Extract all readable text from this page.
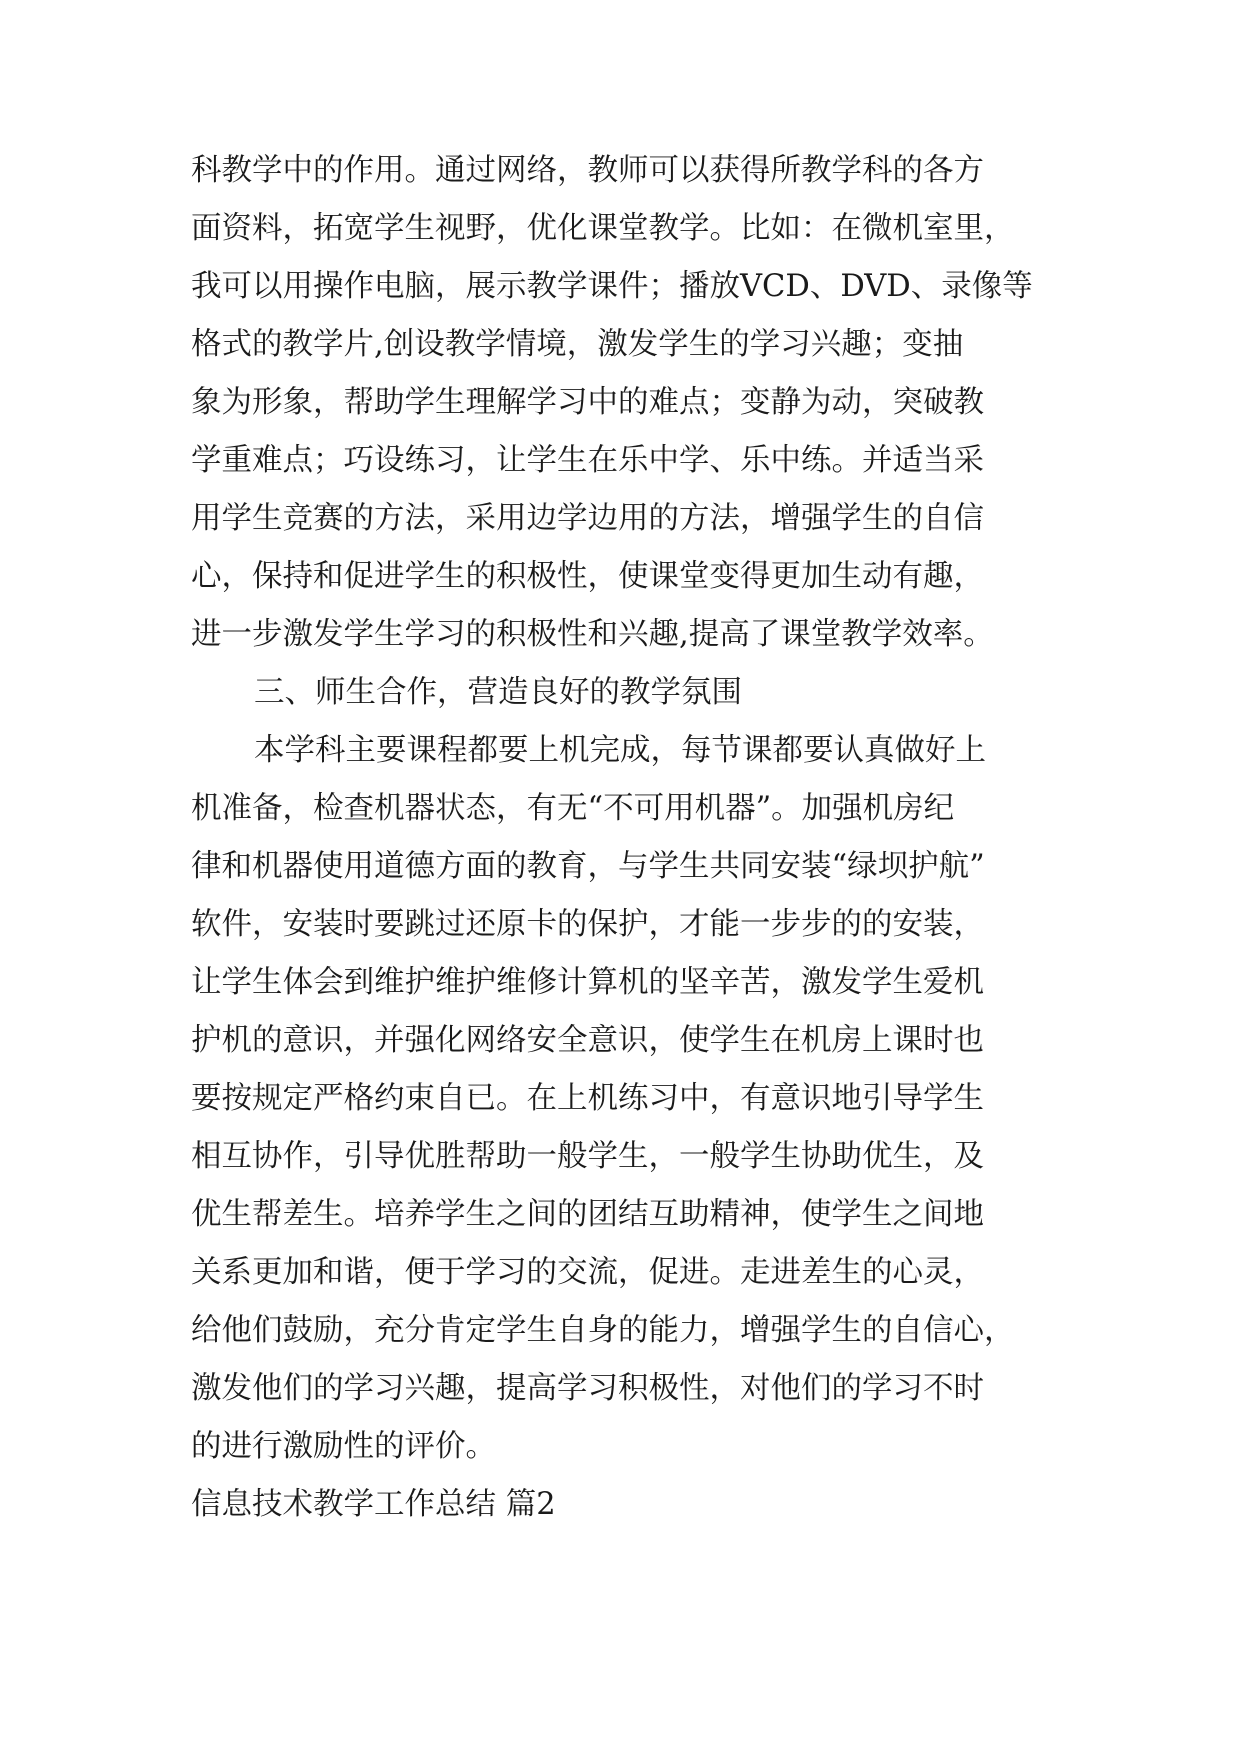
科教学中的作用。通过网络，教师可以获得所教学科的各方

面资料，拓宽学生视野，优化课堂教学。比如：在微机室里，

我可以用操作电脑，展示教学课件；播放VCD、DVD、录像等

格式的教学片,创设教学情境，激发学生的学习兴趣；变抽

象为形象，帮助学生理解学习中的难点；变静为动，突破教

学重难点；巧设练习，让学生在乐中学、乐中练。并适当采

用学生竞赛的方法，采用边学边用的方法，增强学生的自信

心，保持和促进学生的积极性，使课堂变得更加生动有趣，

进一步激发学生学习的积极性和兴趣,提高了课堂教学效率。

三、师生合作，营造良好的教学氛围

本学科主要课程都要上机完成，每节课都要认真做好上

机准备，检查机器状态，有无“不可用机器”。加强机房纪

律和机器使用道德方面的教育，与学生共同安装“绿坝护航”

软件，安装时要跳过还原卡的保护，才能一步步的的安装，

让学生体会到维护维护维修计算机的坚辛苦，激发学生爱机

护机的意识，并强化网络安全意识，使学生在机房上课时也

要按规定严格约束自已。在上机练习中，有意识地引导学生

相互协作，引导优胜帮助一般学生，一般学生协助优生，及

优生帮差生。培养学生之间的团结互助精神，使学生之间地

关系更加和谐，便于学习的交流，促进。走进差生的心灵，

给他们鼓励，充分肯定学生自身的能力，增强学生的自信心，

激发他们的学习兴趣，提高学习积极性，对他们的学习不时

的进行激励性的评价。

信息技术教学工作总结 篇2
